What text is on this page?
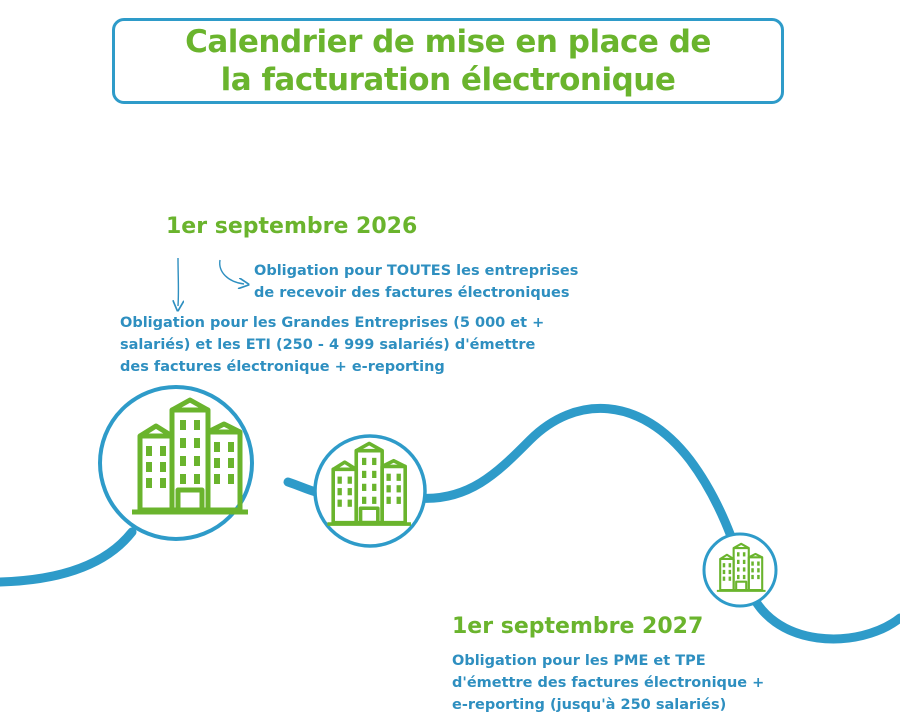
Calendrier de mise en place de
la facturation électronique

1er septembre 2026

Obligation pour TOUTES les entreprises
de recevoir des factures électroniques
Obligation pour les Grandes Entreprises (5 000 et +
salariés) et les ETI (250 - 4 999 salariés) d'émettre
des factures électronique + e-reporting

1er septembre 2027

Obligation pour les PME et TPE
d'émettre des factures électronique +
e-reporting (jusqu'à 250 salariés)
